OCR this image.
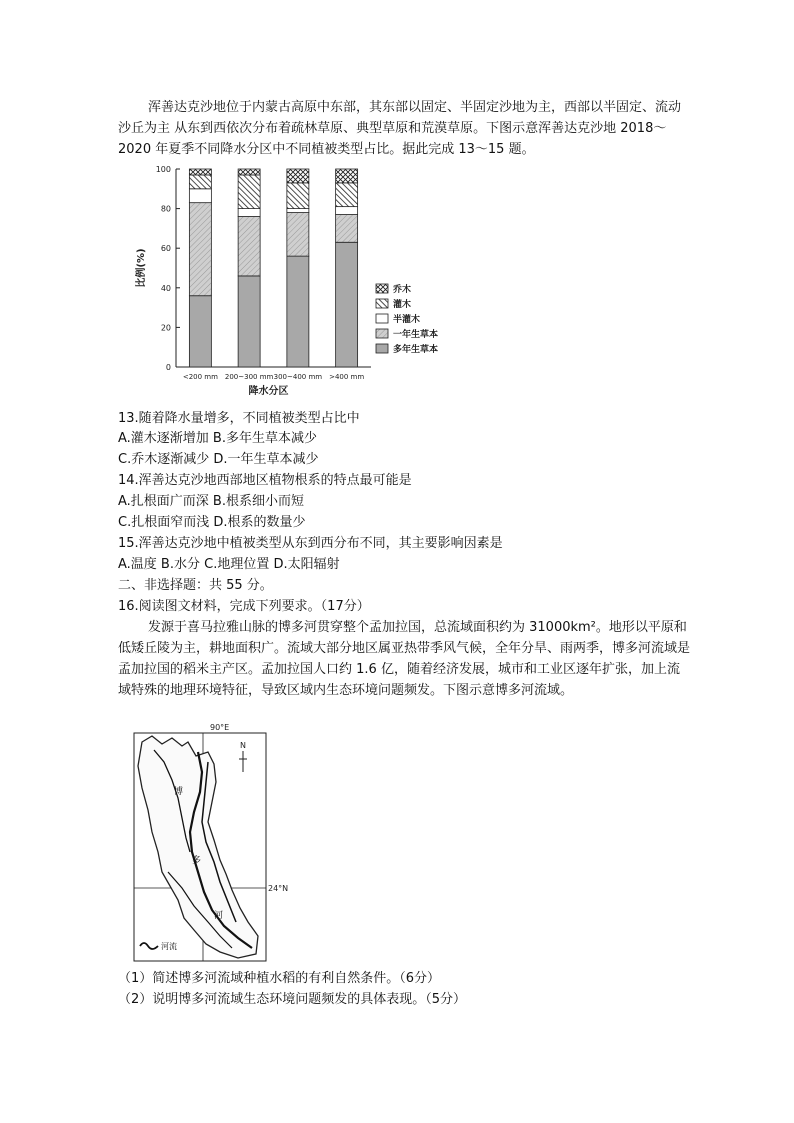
浑善达克沙地位于内蒙古高原中东部，其东部以固定、半固定沙地为主，西部以半固定、流动沙丘为主 从东到西依次分布着疏林草原、典型草原和荒漠草原。下图示意浑善达克沙地 2018～2020 年夏季不同降水分区中不同植被类型占比。据此完成 13～15 题。
0
20
40
60
80
100
比例(%)
<200 mm 200~300 mm 300~400 mm >400 mm
降水分区
乔木
灌木
半灌木
一年生草本
多年生草本
13.随着降水量增多，不同植被类型占比中
A.灌木逐渐增加 B.多年生草本减少
C.乔木逐渐减少 D.一年生草本减少
14.浑善达克沙地西部地区植物根系的特点最可能是
A.扎根面广而深 B.根系细小而短
C.扎根面窄而浅 D.根系的数量少
15.浑善达克沙地中植被类型从东到西分布不同，其主要影响因素是
A.温度 B.水分 C.地理位置 D.太阳辐射
二、非选择题：共 55 分。
16.阅读图文材料，完成下列要求。（17分）
发源于喜马拉雅山脉的博多河贯穿整个孟加拉国，总流域面积约为 31000km²。地形以平原和低矮丘陵为主，耕地面积广。流域大部分地区属亚热带季风气候，全年分旱、雨两季，博多河流域是孟加拉国的稻米主产区。孟加拉国人口约 1.6 亿，随着经济发展，城市和工业区逐年扩张，加上流域特殊的地理环境特征，导致区域内生态环境问题频发。下图示意博多河流域。
90°E
24°N
N
博
多
河
河流
（1）简述博多河流域种植水稻的有利自然条件。（6分）
（2）说明博多河流域生态环境问题频发的具体表现。（5分）
